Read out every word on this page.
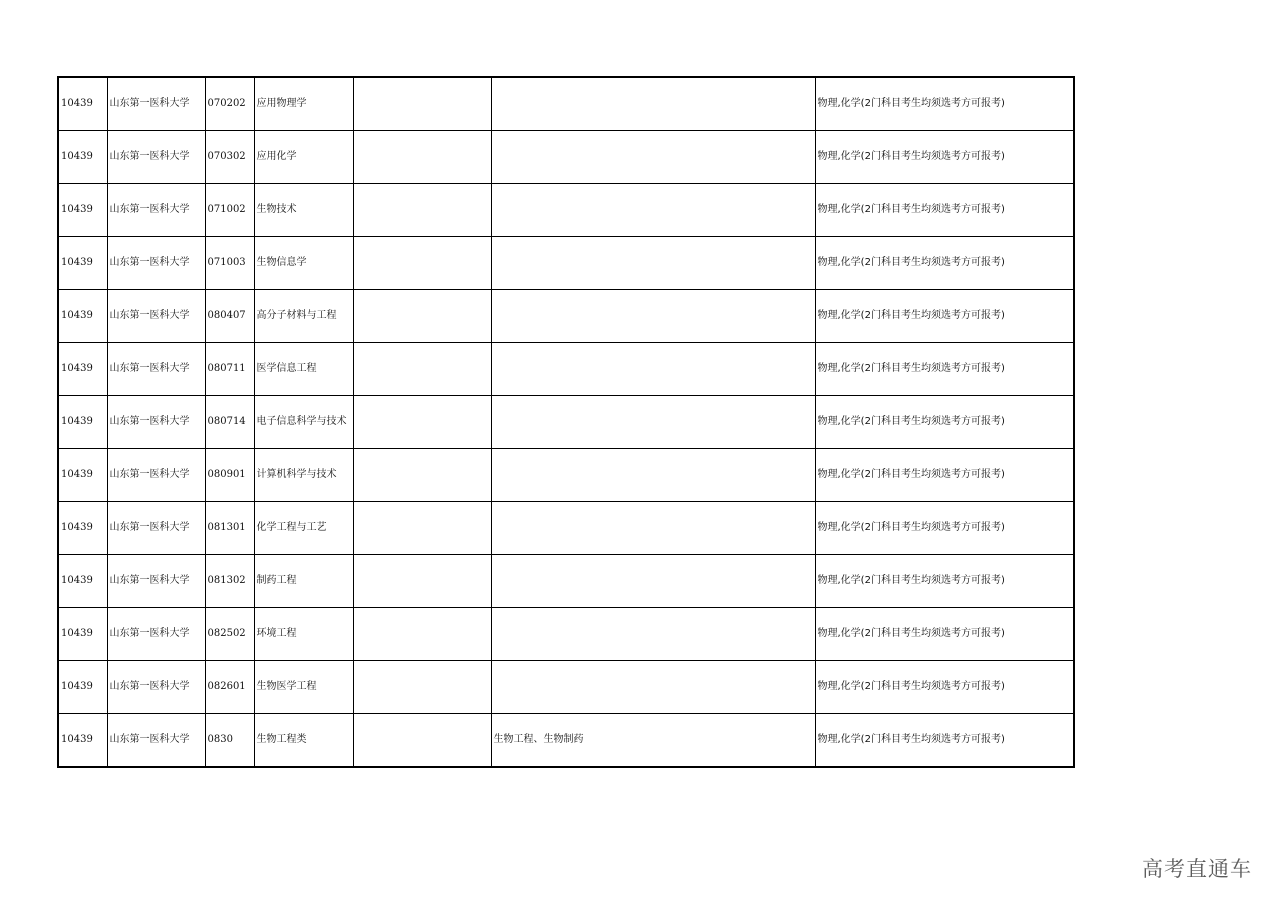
10439	山东第一医科大学	070202	应用物理学			物理,化学(2门科目考生均须选考方可报考)
10439	山东第一医科大学	070302	应用化学			物理,化学(2门科目考生均须选考方可报考)
10439	山东第一医科大学	071002	生物技术			物理,化学(2门科目考生均须选考方可报考)
10439	山东第一医科大学	071003	生物信息学			物理,化学(2门科目考生均须选考方可报考)
10439	山东第一医科大学	080407	高分子材料与工程			物理,化学(2门科目考生均须选考方可报考)
10439	山东第一医科大学	080711	医学信息工程			物理,化学(2门科目考生均须选考方可报考)
10439	山东第一医科大学	080714	电子信息科学与技术			物理,化学(2门科目考生均须选考方可报考)
10439	山东第一医科大学	080901	计算机科学与技术			物理,化学(2门科目考生均须选考方可报考)
10439	山东第一医科大学	081301	化学工程与工艺			物理,化学(2门科目考生均须选考方可报考)
10439	山东第一医科大学	081302	制药工程			物理,化学(2门科目考生均须选考方可报考)
10439	山东第一医科大学	082502	环境工程			物理,化学(2门科目考生均须选考方可报考)
10439	山东第一医科大学	082601	生物医学工程			物理,化学(2门科目考生均须选考方可报考)
10439	山东第一医科大学	0830	生物工程类		生物工程、生物制药	物理,化学(2门科目考生均须选考方可报考)
高考直通车
